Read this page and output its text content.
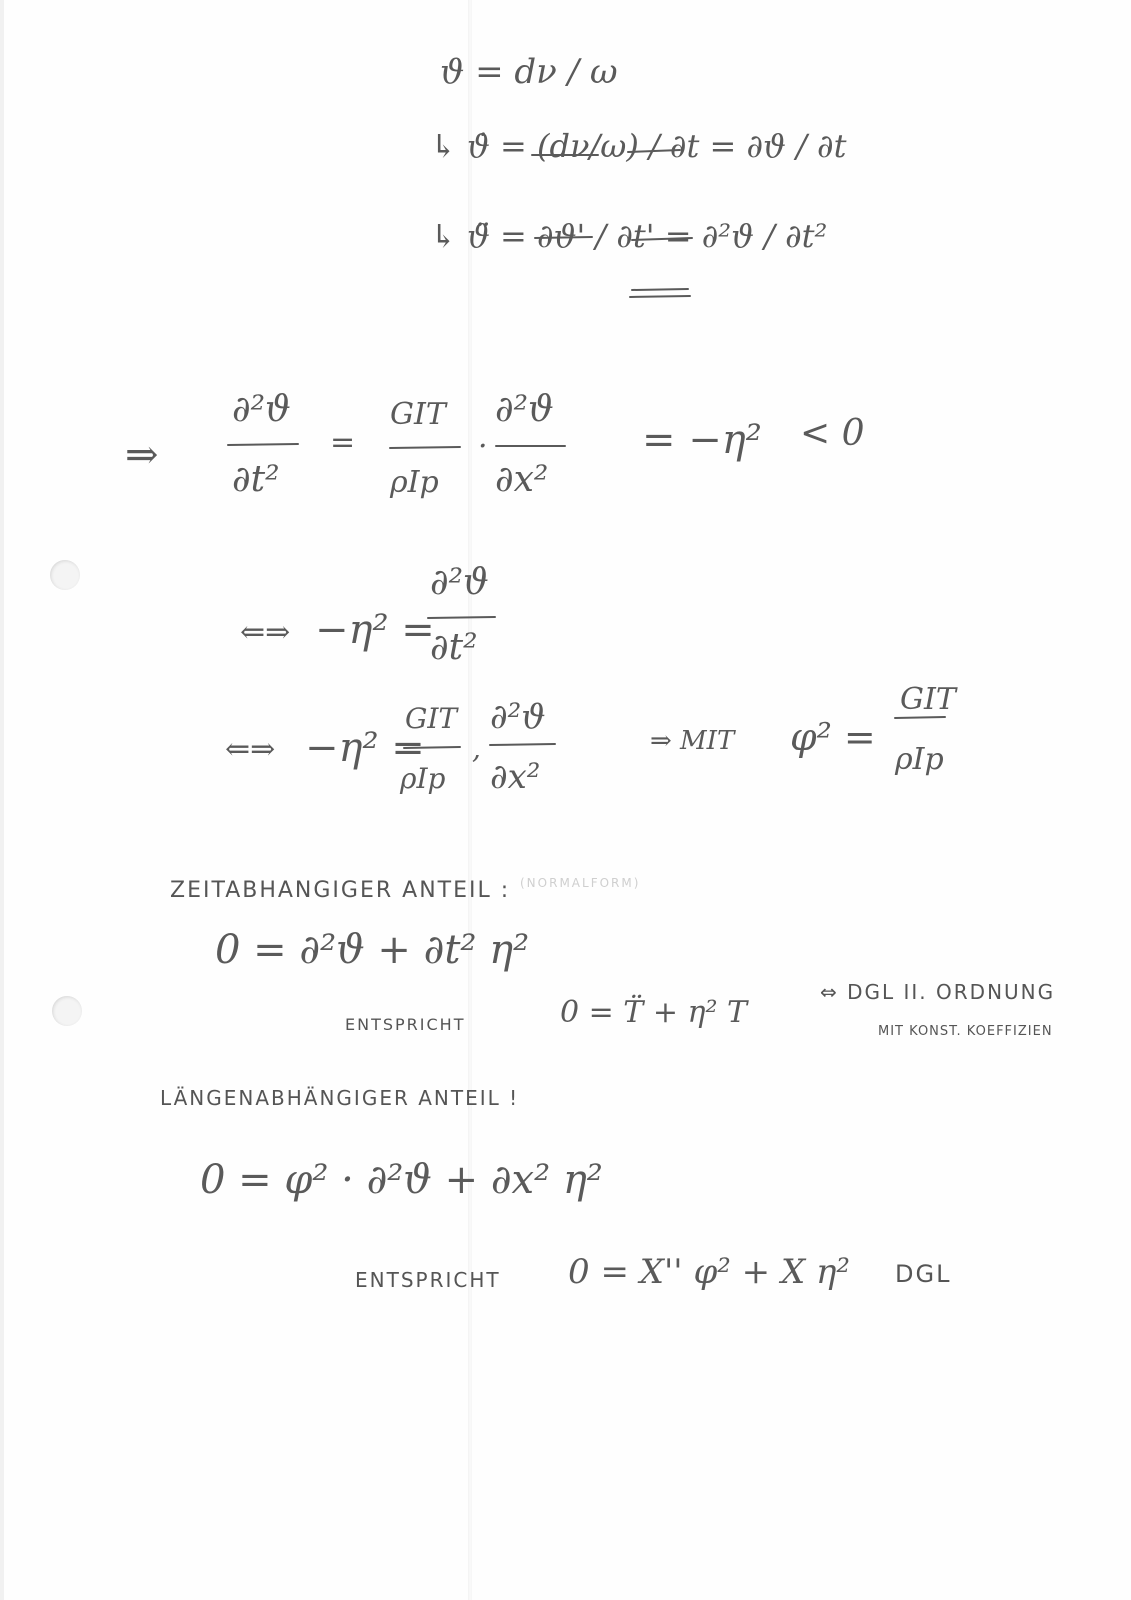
ϑ = dν / ω
↳ ϑ̇ = (dν/ω) / ∂t = ∂ϑ / ∂t
↳ ϑ̈ = ∂ϑ' / ∂t' = ∂²ϑ / ∂t²
⇒
∂²ϑ
∂t²
=
GIT
ρIp
·
∂²ϑ
∂x²
= −η² < 0
⇐⇒ −η² =
∂²ϑ
∂t²
⇐⇒ −η² =
GIT
ρIp
,
∂²ϑ
∂x²
⇒ MIT φ² =
GIT
ρIp
ZEITABHANGIGER ANTEIL : (NORMALFORM)
0 = ∂²ϑ + ∂t² η²
ENTSPRICHT	0 = T̈ + η² T
⇔ DGL II. ORDNUNG
MIT KONST. KOEFFIZIEN
LÄNGENABHÄNGIGER ANTEIL !
0 = φ² · ∂²ϑ + ∂x² η²
ENTSPRICHT 0 = X'' φ² + X η² DGL
